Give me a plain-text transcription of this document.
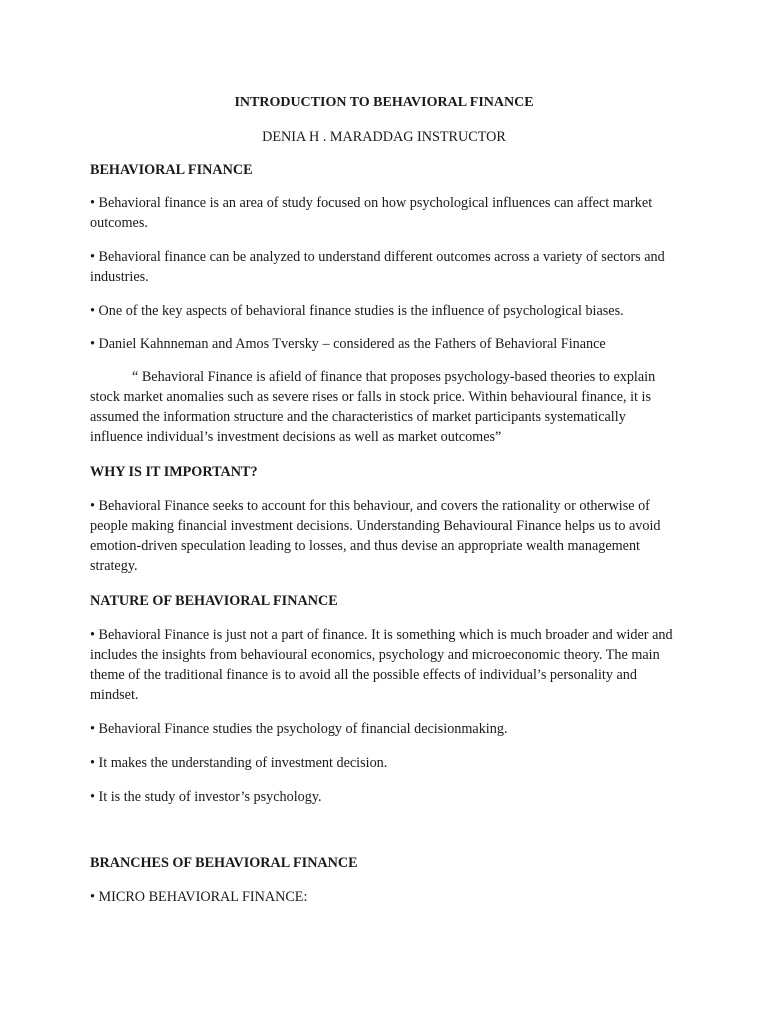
INTRODUCTION TO BEHAVIORAL FINANCE
DENIA H . MARADDAG INSTRUCTOR
BEHAVIORAL FINANCE
• Behavioral finance is an area of study focused on how psychological influences can affect market outcomes.
• Behavioral finance can be analyzed to understand different outcomes across a variety of sectors and industries.
• One of the key aspects of behavioral finance studies is the influence of psychological biases.
• Daniel Kahnneman and Amos Tversky – considered as the Fathers of Behavioral Finance
“ Behavioral Finance is afield of finance that proposes psychology-based theories to explain stock market anomalies such as severe rises or falls in stock price. Within behavioural finance, it is assumed the information structure and the characteristics of market participants systematically influence individual’s investment decisions as well as market outcomes”
WHY IS IT IMPORTANT?
• Behavioral Finance seeks to account for this behaviour, and covers the rationality or otherwise of people making financial investment decisions. Understanding Behavioural Finance helps us to avoid emotion-driven speculation leading to losses, and thus devise an appropriate wealth management strategy.
NATURE OF BEHAVIORAL FINANCE
• Behavioral Finance is just not a part of finance. It is something which is much broader and wider and includes the insights from behavioural economics, psychology and microeconomic theory. The main theme of the traditional finance is to avoid all the possible effects of individual’s personality and mindset.
• Behavioral Finance studies the psychology of financial decisionmaking.
• It makes the understanding of investment decision.
• It is the study of investor’s psychology.
BRANCHES OF BEHAVIORAL FINANCE
• MICRO BEHAVIORAL FINANCE:
